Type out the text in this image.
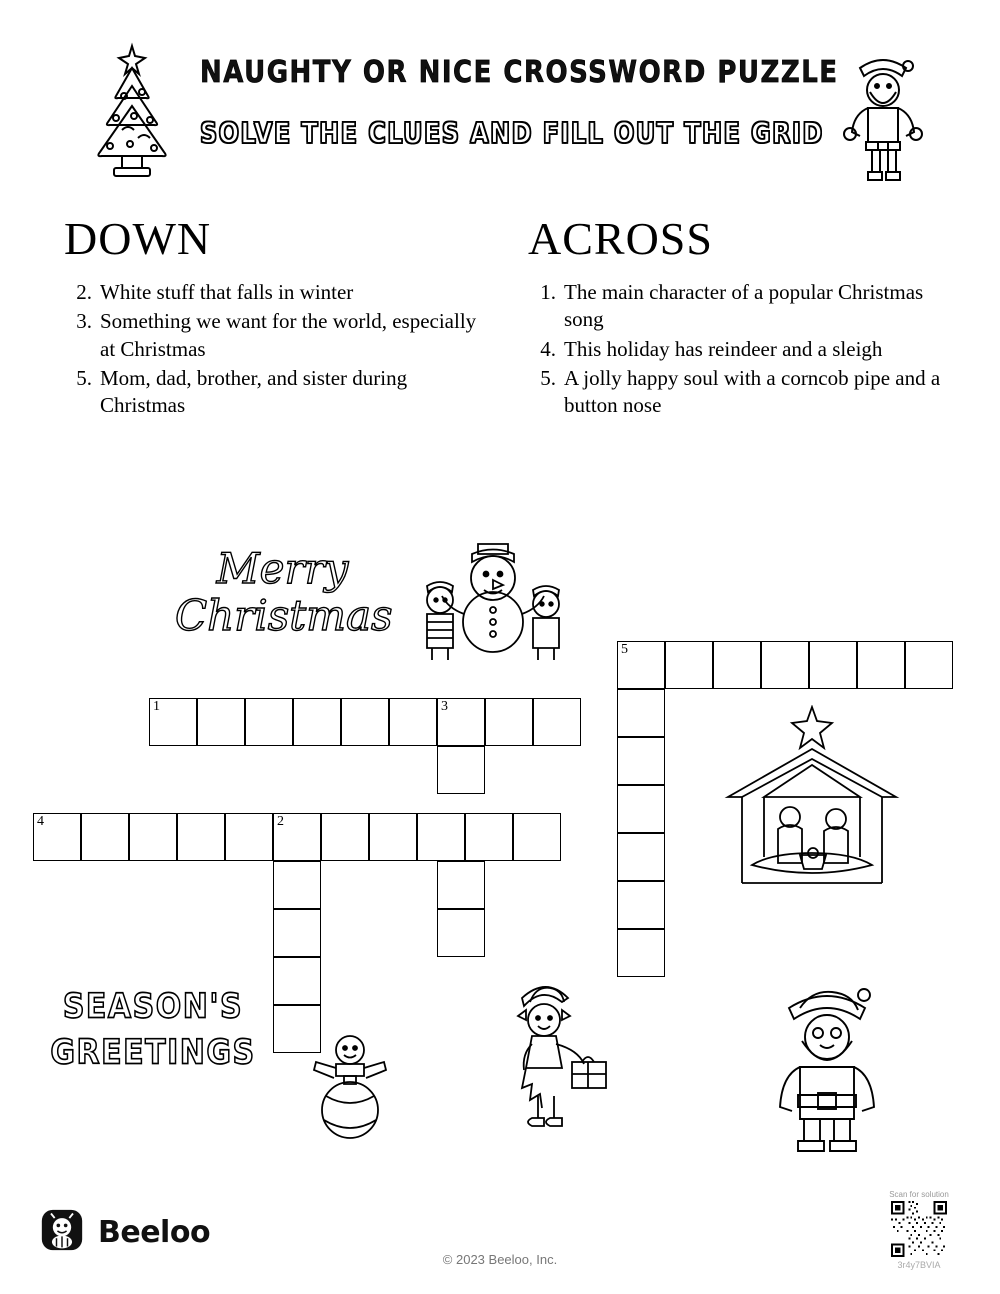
NAUGHTY OR NICE CROSSWORD PUZZLE
SOLVE THE CLUES AND FILL OUT THE GRID
DOWN
2. White stuff that falls in winter
3. Something we want for the world, especially at Christmas
5. Mom, dad, brother, and sister during Christmas
ACROSS
1. The main character of a popular Christmas song
4. This holiday has reindeer and a sleigh
5. A jolly happy soul with a corncob pipe and a button nose
Merry
Christmas
SEASON'S
GREETINGS
1	3
5
4	2
Beeloo
© 2023 Beeloo, Inc.
Scan for solution
3r4y7BVIA
